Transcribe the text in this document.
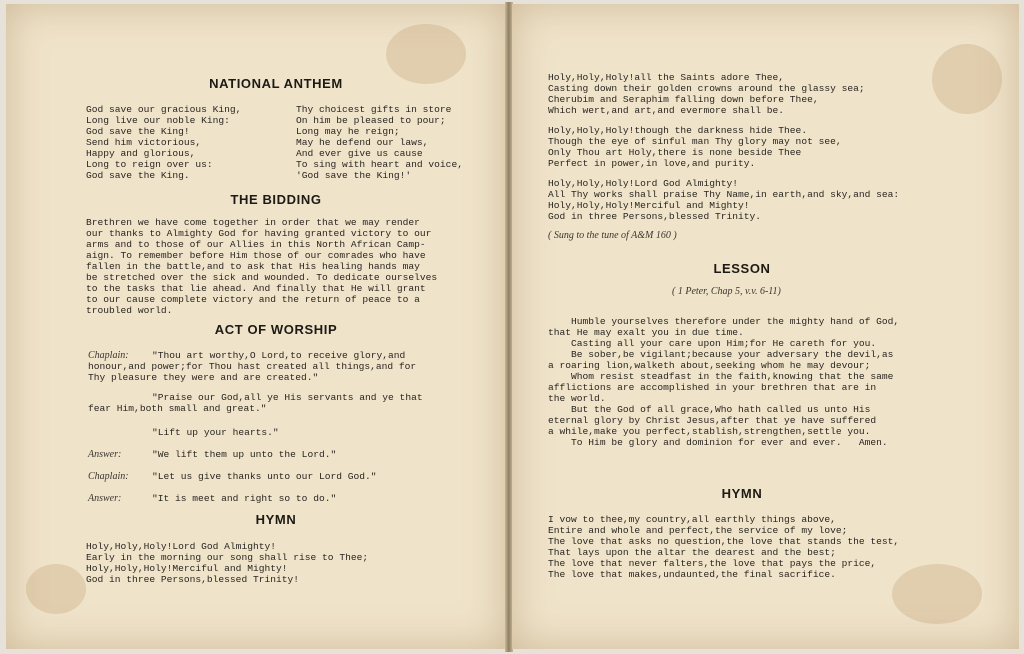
NATIONAL ANTHEM
God save our gracious King,
Long live our noble King:
God save the King!
Send him victorious,
Happy and glorious,
Long to reign over us:
God save the King.
Thy choicest gifts in store
On him be pleased to pour;
Long may he reign;
May he defend our laws,
And ever give us cause
To sing with heart and voice,
'God save the King!'
THE BIDDING
Brethren we have come together in order that we may render
our thanks to Almighty God for having granted victory to our
arms and to those of our Allies in this North African Camp-
aign. To remember before Him those of our comrades who have
fallen in the battle,and to ask that His healing hands may
be stretched over the sick and wounded. To dedicate ourselves
to the tasks that lie ahead. And finally that He will grant
to our cause complete victory and the return of peace to a
troubled world.
ACT OF WORSHIP
Chaplain:	"Thou art worthy,O Lord,to receive glory,and
honour,and power;for Thou hast created all things,and for
Thy pleasure they were and are created."
"Praise our God,all ye His servants and ye that
fear Him,both small and great."
"Lift up your hearts."
Answer:	"We lift them up unto the Lord."
Chaplain: "Let us give thanks unto our Lord God."
Answer:	"It is meet and right so to do."
HYMN
Holy,Holy,Holy!Lord God Almighty!
Early in the morning our song shall rise to Thee;
Holy,Holy,Holy!Merciful and Mighty!
God in three Persons,blessed Trinity!
Holy,Holy,Holy!all the Saints adore Thee,
Casting down their golden crowns around the glassy sea;
Cherubim and Seraphim falling down before Thee,
Which wert,and art,and evermore shall be.
Holy,Holy,Holy!though the darkness hide Thee.
Though the eye of sinful man Thy glory may not see,
Only Thou art Holy,there is none beside Thee
Perfect in power,in love,and purity.
Holy,Holy,Holy!Lord God Almighty!
All Thy works shall praise Thy Name,in earth,and sky,and sea:
Holy,Holy,Holy!Merciful and Mighty!
God in three Persons,blessed Trinity.
( Sung to the tune of A&M 160 )
LESSON
( 1 Peter, Chap 5, v.v. 6-11)
Humble yourselves therefore under the mighty hand of God,
that He may exalt you in due time.
Casting all your care upon Him;for He careth for you.
Be sober,be vigilant;because your adversary the devil,as
a roaring lion,walketh about,seeking whom he may devour;
Whom resist steadfast in the faith,knowing that the same
afflictions are accomplished in your brethren that are in
the world.
But the God of all grace,Who hath called us unto His
eternal glory by Christ Jesus,after that ye have suffered
a while,make you perfect,stablish,strengthen,settle you.
To Him be glory and dominion for ever and ever.   Amen.
HYMN
I vow to thee,my country,all earthly things above,
Entire and whole and perfect,the service of my love;
The love that asks no question,the love that stands the test,
That lays upon the altar the dearest and the best;
The love that never falters,the love that pays the price,
The love that makes,undaunted,the final sacrifice.
